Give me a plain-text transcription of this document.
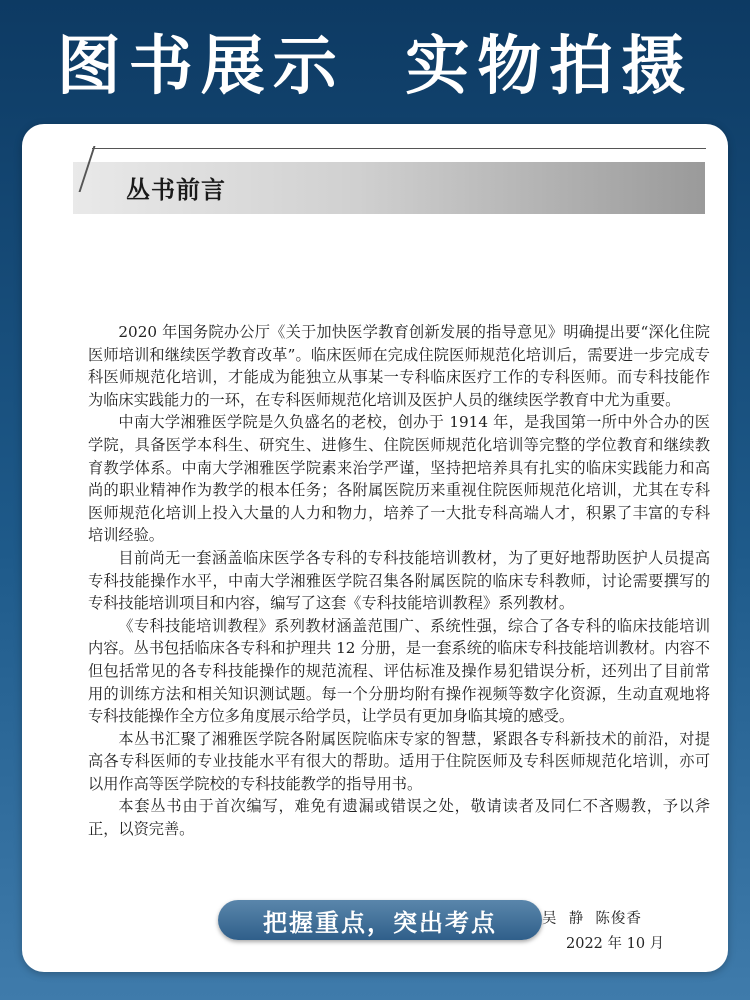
图书展示  实物拍摄
丛书前言

2020 年国务院办公厅《关于加快医学教育创新发展的指导意见》明确提出要“深化住院医师培训和继续医学教育改革”。临床医师在完成住院医师规范化培训后，需要进一步完成专科医师规范化培训，才能成为能独立从事某一专科临床医疗工作的专科医师。而专科技能作为临床实践能力的一环，在专科医师规范化培训及医护人员的继续医学教育中尤为重要。

中南大学湘雅医学院是久负盛名的老校，创办于 1914 年，是我国第一所中外合办的医学院，具备医学本科生、研究生、进修生、住院医师规范化培训等完整的学位教育和继续教育教学体系。中南大学湘雅医学院素来治学严谨，坚持把培养具有扎实的临床实践能力和高尚的职业精神作为教学的根本任务；各附属医院历来重视住院医师规范化培训，尤其在专科医师规范化培训上投入大量的人力和物力，培养了一大批专科高端人才，积累了丰富的专科培训经验。

目前尚无一套涵盖临床医学各专科的专科技能培训教材，为了更好地帮助医护人员提高专科技能操作水平，中南大学湘雅医学院召集各附属医院的临床专科教师，讨论需要撰写的专科技能培训项目和内容，编写了这套《专科技能培训教程》系列教材。

《专科技能培训教程》系列教材涵盖范围广、系统性强，综合了各专科的临床技能培训内容。丛书包括临床各专科和护理共 12 分册，是一套系统的临床专科技能培训教材。内容不但包括常见的各专科技能操作的规范流程、评估标准及操作易犯错误分析，还列出了目前常用的训练方法和相关知识测试题。每一个分册均附有操作视频等数字化资源，生动直观地将专科技能操作全方位多角度展示给学员，让学员有更加身临其境的感受。

本丛书汇聚了湘雅医学院各附属医院临床专家的智慧，紧跟各专科新技术的前沿，对提高各专科医师的专业技能水平有很大的帮助。适用于住院医师及专科医师规范化培训，亦可以用作高等医学院校的专科技能教学的指导用书。

本套丛书由于首次编写，难免有遗漏或错误之处，敬请读者及同仁不吝赐教，予以斧正，以资完善。

把握重点，突出考点	吴  静  陈俊香
2022 年 10 月
